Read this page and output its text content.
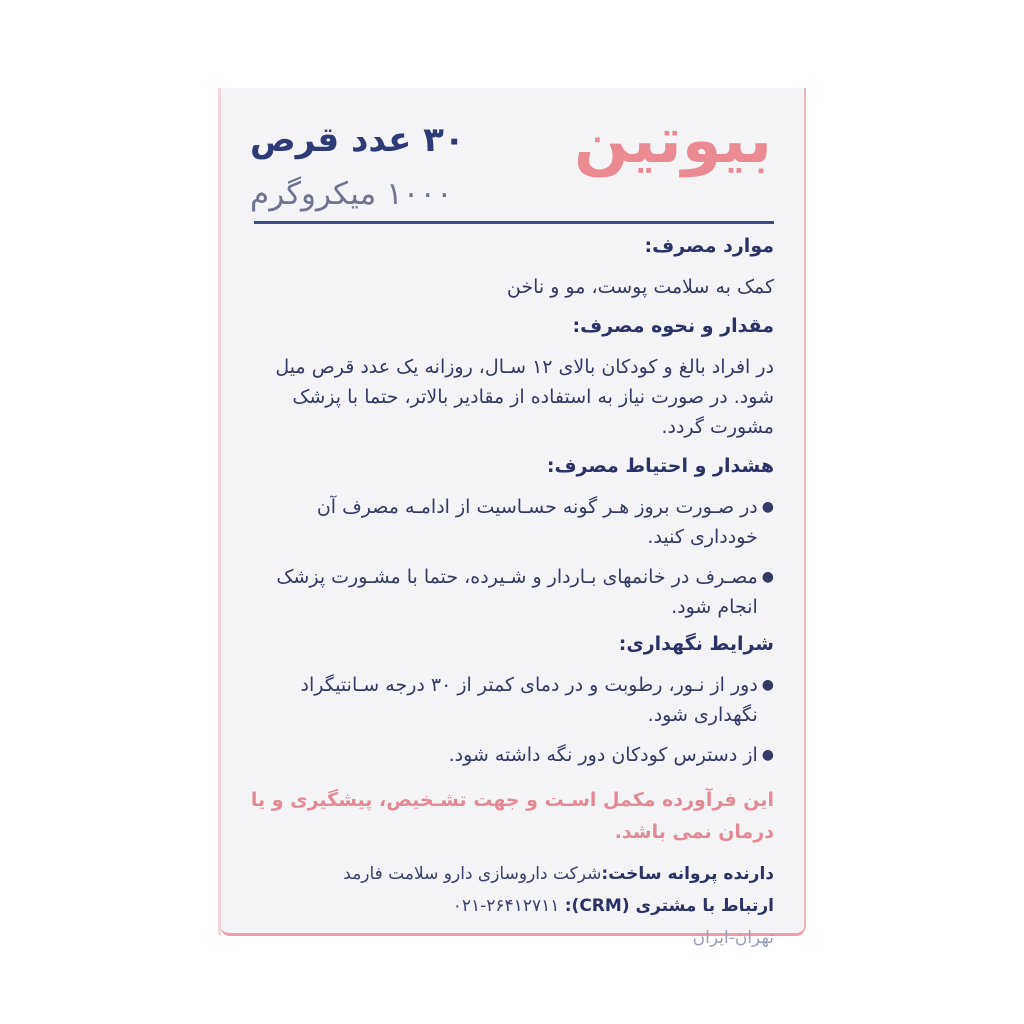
بیوتین
۳۰ عدد قرص
۱۰۰۰ میکروگرم
موارد مصرف:
کمک به سلامت پوست، مو و ناخن
مقدار و نحوه مصرف:
در افراد بالغ و کودکان بالای ۱۲ سـال، روزانه یک عدد قرص میل شود. در صورت نیاز به استفاده از مقادیر بالاتر، حتما با پزشک مشورت گردد.
هشدار و احتیاط مصرف:
●
در صـورت بروز هـر گونه حسـاسیت از ادامـه مصرف آن خودداری کنید.
●
مصـرف در خانمهای بـاردار و شـیرده، حتما با مشـورت پزشک انجام شود.
شرایط نگهداری:
●
دور از نـور، رطوبت و در دمای کمتر از ۳۰ درجه سـانتیگراد نگهداری شود.
●
از دسترس کودکان دور نگه داشته شود.
این فرآورده مکمل اسـت و جهت تشـخیص، پیشگیری و یا درمان نمی باشد.

دارنده پروانه ساخت:شرکت داروسازی دارو سلامت فارمد

ارتباط با مشتری (CRM): ۰۲۱-۲۶۴۱۲۷۱۱

تهران-ایران
